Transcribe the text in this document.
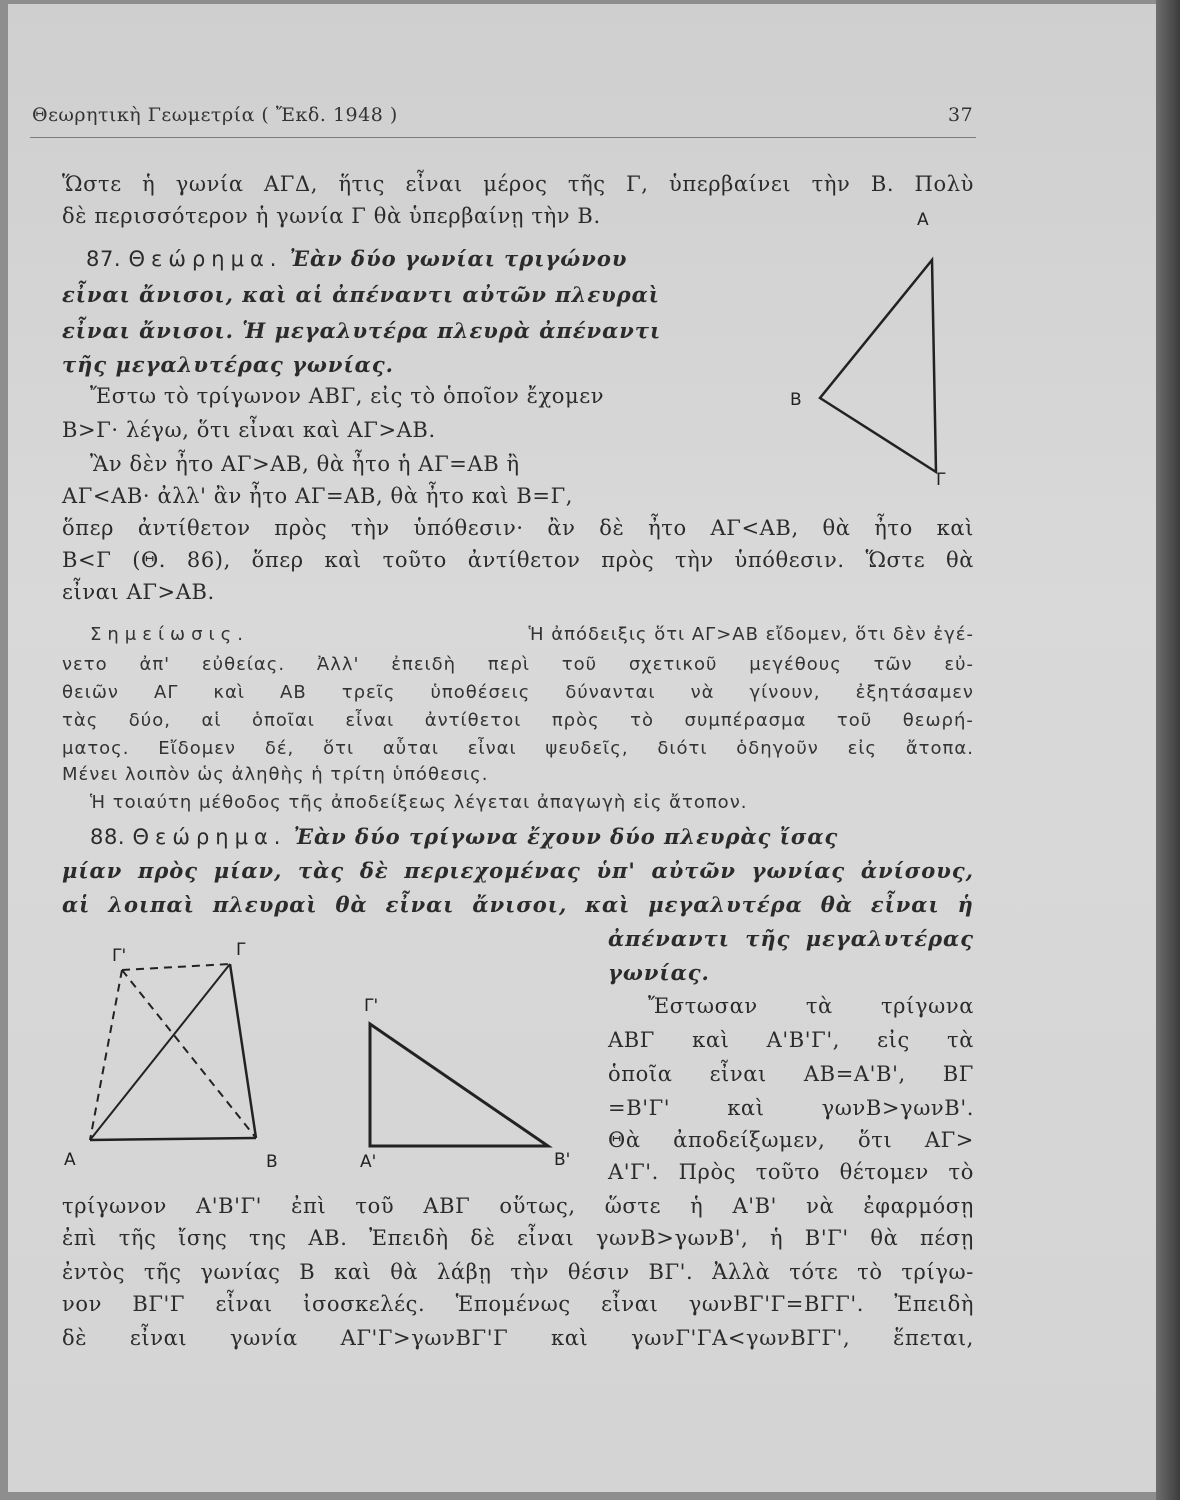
Θεωρητικὴ Γεωμετρία ( Ἔκδ. 1948 )	37
Ὥστε ἡ γωνία ΑΓΔ, ἥτις εἶναι μέρος τῆς Γ, ὑπερβαίνει τὴν Β. Πολὺ
δὲ περισσότερον ἡ γωνία Γ θὰ ὑπερβαίνῃ τὴν Β.
87. Θεώρημα. Ἐὰν δύο γωνίαι τριγώνου
εἶναι ἄνισοι, καὶ αἱ ἀπέναντι αὐτῶν πλευραὶ
εἶναι ἄνισοι. Ἡ μεγαλυτέρα πλευρὰ ἀπέναντι
τῆς μεγαλυτέρας γωνίας.
Ἔστω τὸ τρίγωνον ΑΒΓ, εἰς τὸ ὁποῖον ἔχομεν
Β>Γ· λέγω, ὅτι εἶναι καὶ ΑΓ>ΑΒ.
Ἂν δὲν ἦτο ΑΓ>ΑΒ, θὰ ἦτο ἡ ΑΓ=ΑΒ ἢ
ΑΓ<ΑΒ· ἀλλ' ἂν ἦτο ΑΓ=ΑΒ, θὰ ἦτο καὶ Β=Γ,
ὅπερ ἀντίθετον πρὸς τὴν ὑπόθεσιν· ἂν δὲ ἦτο ΑΓ<ΑΒ, θὰ ἦτο καὶ
Β<Γ (Θ. 86), ὅπερ καὶ τοῦτο ἀντίθετον πρὸς τὴν ὑπόθεσιν. Ὥστε θὰ
εἶναι ΑΓ>ΑΒ.
Α
Β
Γ
Σημείωσις.	Ἡ ἀπόδειξις ὅτι ΑΓ>ΑΒ εἴδομεν, ὅτι δὲν ἐγέ-
νετο ἀπ' εὐθείας. Ἀλλ' ἐπειδὴ περὶ τοῦ σχετικοῦ μεγέθους τῶν εὐ-
θειῶν ΑΓ καὶ ΑΒ τρεῖς ὑποθέσεις δύνανται νὰ γίνουν, ἐξητάσαμεν
τὰς δύο, αἱ ὁποῖαι εἶναι ἀντίθετοι πρὸς τὸ συμπέρασμα τοῦ θεωρή-
ματος. Εἴδομεν δέ, ὅτι αὗται εἶναι ψευδεῖς, διότι ὁδηγοῦν εἰς ἄτοπα.
Μένει λοιπὸν ὡς ἀληθὴς ἡ τρίτη ὑπόθεσις.
Ἡ τοιαύτη μέθοδος τῆς ἀποδείξεως λέγεται ἀπαγωγὴ εἰς ἄτοπον.
88. Θεώρημα. Ἐὰν δύο τρίγωνα ἔχουν δύο πλευρὰς ἴσας
μίαν πρὸς μίαν, τὰς δὲ περιεχομένας ὑπ' αὐτῶν γωνίας ἀνίσους,
αἱ λοιπαὶ πλευραὶ θὰ εἶναι ἄνισοι, καὶ μεγαλυτέρα θὰ εἶναι ἡ
ἀπέναντι τῆς μεγαλυτέρας
γωνίας.
Ἔστωσαν τὰ τρίγωνα
ΑΒΓ καὶ Α'Β'Γ', εἰς τὰ
ὁποῖα εἶναι ΑΒ=Α'Β', ΒΓ
=Β'Γ'	καὶ	γωνΒ>γωνΒ'.
Θὰ ἀποδείξωμεν, ὅτι ΑΓ>
Α'Γ'. Πρὸς τοῦτο θέτομεν τὸ
τρίγωνον Α'Β'Γ' ἐπὶ τοῦ ΑΒΓ οὕτως, ὥστε ἡ Α'Β' νὰ ἐφαρμόσῃ
ἐπὶ τῆς ἴσης της ΑΒ. Ἐπειδὴ δὲ εἶναι γωνΒ>γωνΒ', ἡ Β'Γ' θὰ πέσῃ
ἐντὸς τῆς γωνίας Β καὶ θὰ λάβῃ τὴν θέσιν ΒΓ'. Ἀλλὰ τότε τὸ τρίγω-
νον ΒΓ'Γ εἶναι ἰσοσκελές. Ἑπομένως εἶναι γωνΒΓ'Γ=ΒΓΓ'. Ἐπειδὴ
δὲ εἶναι γωνία ΑΓ'Γ>γωνΒΓ'Γ καὶ γωνΓ'ΓΑ<γωνΒΓΓ', ἕπεται,
Α	Β
Γ
Γ'
Α'	Β'
Γ'
